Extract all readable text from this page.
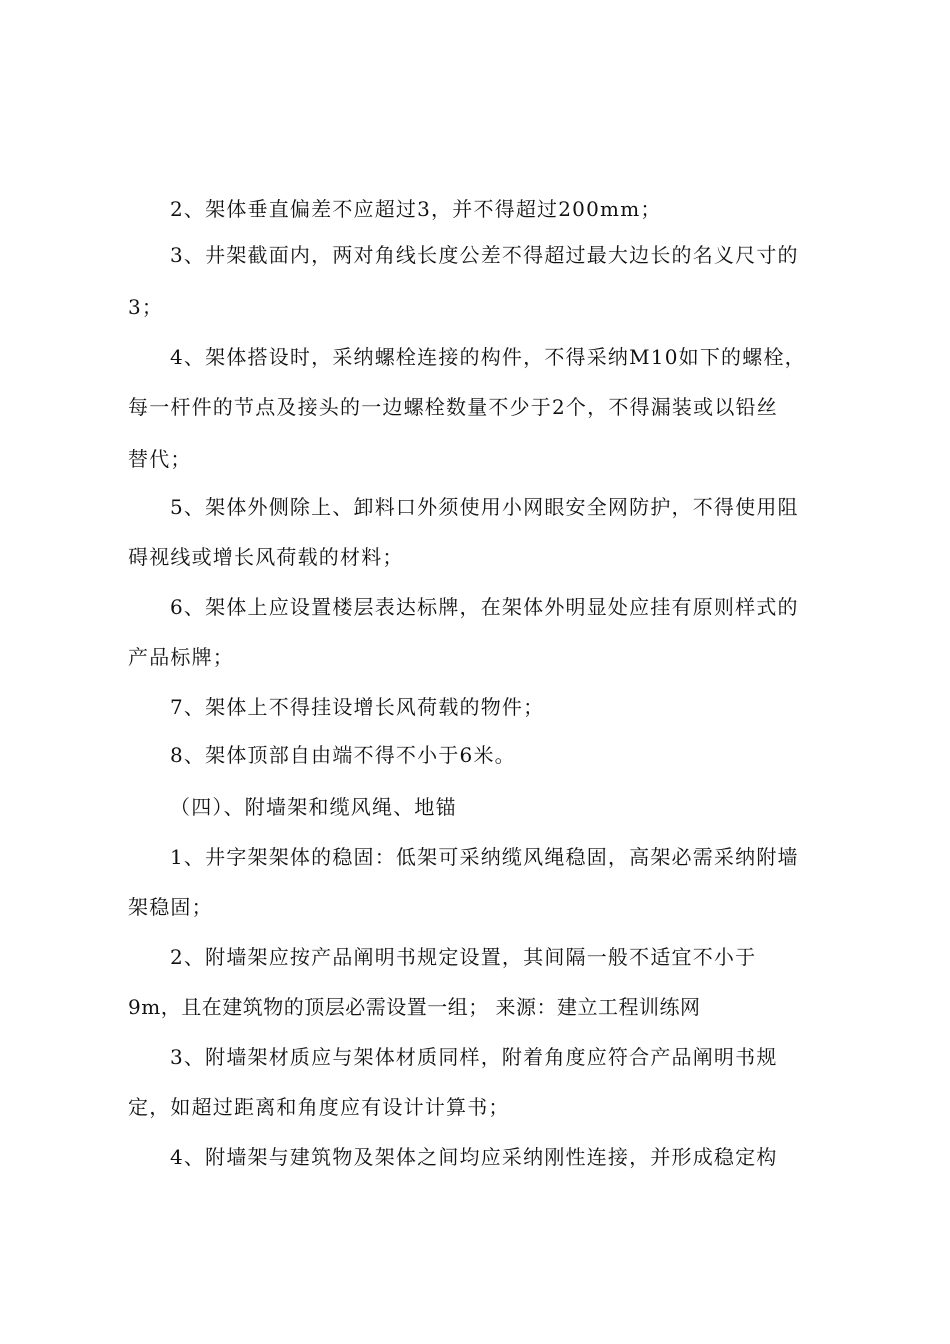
2、架体垂直偏差不应超过3，并不得超过200mm；
3、井架截面内，两对角线长度公差不得超过最大边长的名义尺寸的
3；
4、架体搭设时，采纳螺栓连接的构件，不得采纳M10如下的螺栓，
每一杆件的节点及接头的一边螺栓数量不少于2个，不得漏装或以铅丝
替代；
5、架体外侧除上、卸料口外须使用小网眼安全网防护，不得使用阻
碍视线或增长风荷载的材料；
6、架体上应设置楼层表达标牌，在架体外明显处应挂有原则样式的
产品标牌；
7、架体上不得挂设增长风荷载的物件；
8、架体顶部自由端不得不小于6米。
（四）、附墙架和缆风绳、地锚
1、井字架架体的稳固：低架可采纳缆风绳稳固，高架必需采纳附墙
架稳固；
2、附墙架应按产品阐明书规定设置，其间隔一般不适宜不小于
9m，且在建筑物的顶层必需设置一组； 来源：建立工程训练网
3、附墙架材质应与架体材质同样，附着角度应符合产品阐明书规
定，如超过距离和角度应有设计计算书；
4、附墙架与建筑物及架体之间均应采纳刚性连接，并形成稳定构
